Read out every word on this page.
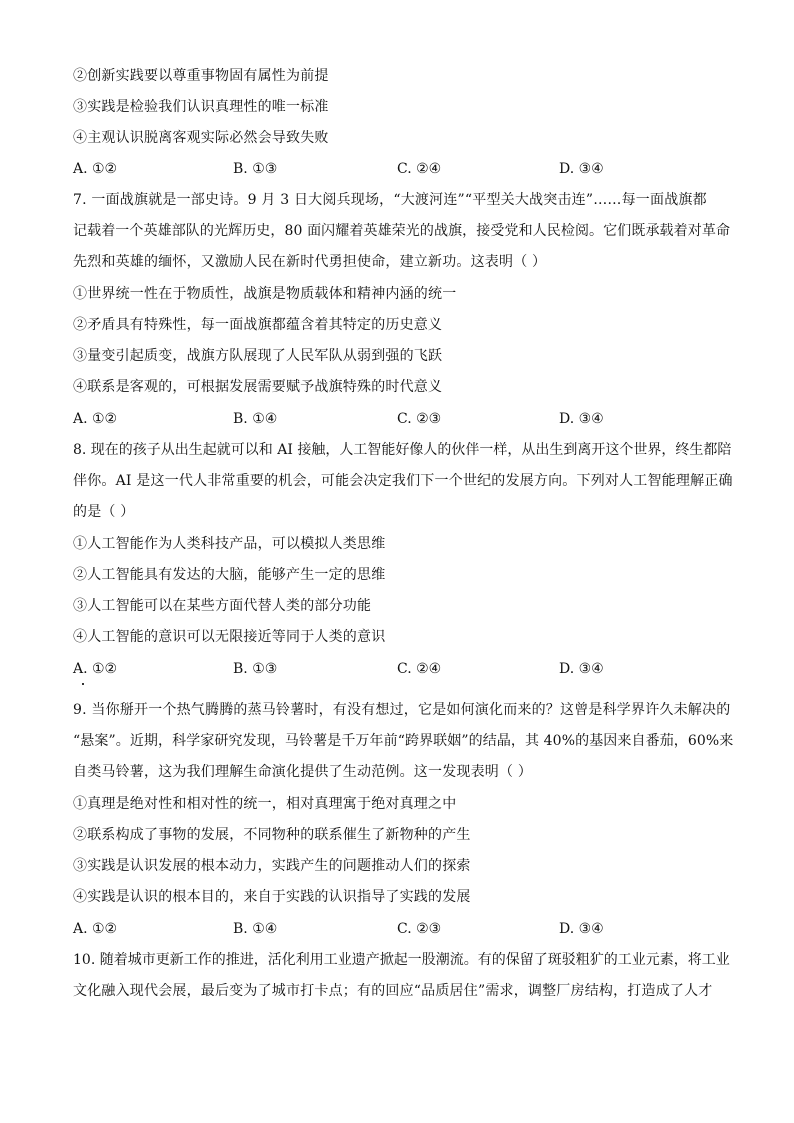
②创新实践要以尊重事物固有属性为前提
③实践是检验我们认识真理性的唯一标准
④主观认识脱离客观实际必然会导致失败
A. ①②	B. ①③	C. ②④	D. ③④
7. 一面战旗就是一部史诗。9 月 3 日大阅兵现场，“大渡河连”“平型关大战突击连”……每一面战旗都
记载着一个英雄部队的光辉历史，80 面闪耀着英雄荣光的战旗，接受党和人民检阅。它们既承载着对革命
先烈和英雄的缅怀，又激励人民在新时代勇担使命，建立新功。这表明（ ）
①世界统一性在于物质性，战旗是物质载体和精神内涵的统一
②矛盾具有特殊性，每一面战旗都蕴含着其特定的历史意义
③量变引起质变，战旗方队展现了人民军队从弱到强的飞跃
④联系是客观的，可根据发展需要赋予战旗特殊的时代意义
A. ①②	B. ①④	C. ②③	D. ③④
8. 现在的孩子从出生起就可以和 AI 接触，人工智能好像人的伙伴一样，从出生到离开这个世界，终生都陪
伴你。AI 是这一代人非常重要的机会，可能会决定我们下一个世纪的发展方向。下列对人工智能理解正确
的是（ ）
①人工智能作为人类科技产品，可以模拟人类思维
②人工智能具有发达的大脑，能够产生一定的思维
③人工智能可以在某些方面代替人类的部分功能
④人工智能的意识可以无限接近等同于人类的意识
A. ①②	B. ①③	C. ②④	D. ③④
9. 当你掰开一个热气腾腾的蒸马铃薯时，有没有想过，它是如何演化而来的？这曾是科学界许久未解决的
“悬案”。近期，科学家研究发现，马铃薯是千万年前“跨界联姻”的结晶，其 40%的基因来自番茄，60%来
自类马铃薯，这为我们理解生命演化提供了生动范例。这一发现表明（ ）
①真理是绝对性和相对性的统一，相对真理寓于绝对真理之中
②联系构成了事物的发展，不同物种的联系催生了新物种的产生
③实践是认识发展的根本动力，实践产生的问题推动人们的探索
④实践是认识的根本目的，来自于实践的认识指导了实践的发展
A. ①②	B. ①④	C. ②③	D. ③④
10. 随着城市更新工作的推进，活化利用工业遗产掀起一股潮流。有的保留了斑驳粗犷的工业元素，将工业
文化融入现代会展，最后变为了城市打卡点；有的回应“品质居住”需求，调整厂房结构，打造成了人才
